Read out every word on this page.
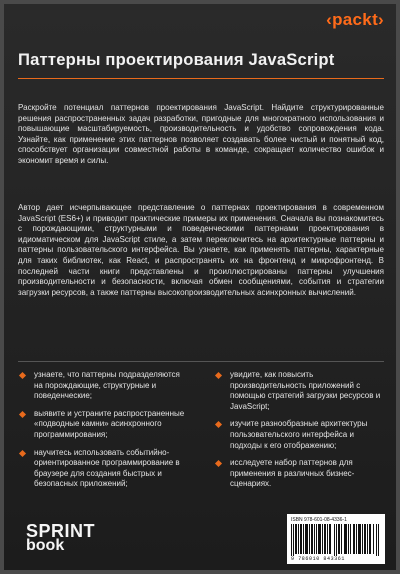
‹packt›
Паттерны проектирования JavaScript

Раскройте потенциал паттернов проектирования JavaScript. Найдите структурированные решения распространенных задач разработки, пригодные для многократного использования и повышающие масштабируемость, производительность и удобство сопровождения кода. Узнайте, как применение этих паттернов позволяет создавать более чистый и понятный код, способствует организации совместной работы в команде, сокращает количество ошибок и экономит время и силы.

Автор дает исчерпывающее представление о паттернах проектирования в современном JavaScript (ES6+) и приводит практические примеры их применения. Сначала вы познакомитесь с порождающими, структурными и поведенческими паттернами проектирования в идиоматическом для JavaScript стиле, а затем переключитесь на архитектурные паттерны и паттерны пользовательского интерфейса. Вы узнаете, как применять паттерны, характерные для таких библиотек, как React, и распространять их на фронтенд и микрофронтенд. В последней части книги представлены и проиллюстрированы паттерны улучшения производительности и безопасности, включая обмен сообщениями, события и стратегии загрузки ресурсов, а также паттерны высокопроизводительных асинхронных вычислений.

узнаете, что паттерны подразделяются на порождающие, структурные и поведенческие;
выявите и устраните распространенные «подводные камни» асинхронного программирования;
научитесь использовать событийно-ориентированное программирование в браузере для создания быстрых и безопасных приложений;
увидите, как повысить производительность приложений с помощью стратегий загрузки ресурсов и JavaScript;
изучите разнообразные архитектуры пользовательского интерфейса и подходы к его отображению;
исследуете набор паттернов для применения в различных бизнес-сценариях.
SPRINT
book
ISBN 978-601-08-4336-1
9 786010 843361
